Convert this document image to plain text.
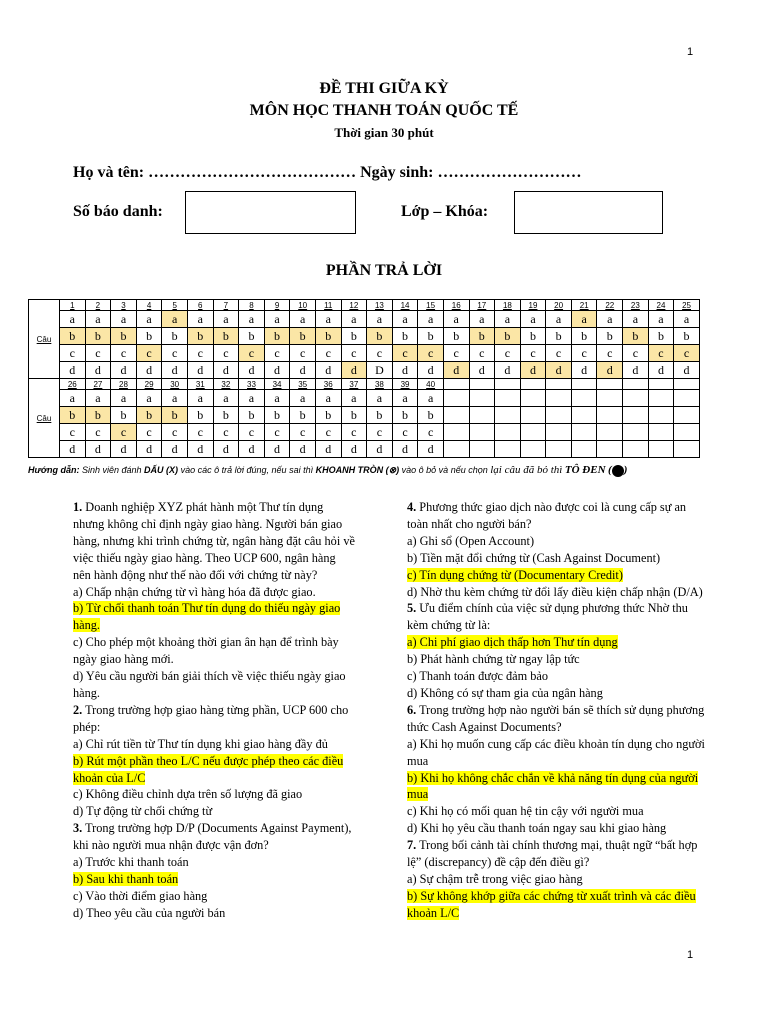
1
ĐỀ THI GIỮA KỲ
MÔN HỌC THANH TOÁN QUỐC TẾ
Thời gian 30 phút
Họ và tên: ………………………………… Ngày sinh: ………………………
Số báo danh:	Lớp – Khóa:
PHẦN TRẢ LỜI
Câu	1	2	3	4	5	6	7	8	9	10	11	12	13	14	15	16	17	18	19	20	21	22	23	24	25
	a	a	a	a	a	a	a	a	a	a	a	a	a	a	a	a	a	a	a	a	a	a	a	a	a
	b	b	b	b	b	b	b	b	b	b	b	b	b	b	b	b	b	b	b	b	b	b	b	b	b
	c	c	c	c	c	c	c	c	c	c	c	c	c	c	c	c	c	c	c	c	c	c	c	c	c
	d	d	d	d	d	d	d	d	d	d	d	d	D	d	d	d	d	d	d	d	d	d	d	d	d
Câu	26	27	28	29	30	31	32	33	34	35	36	37	38	39	40										
	a	a	a	a	a	a	a	a	a	a	a	a	a	a	a										
	b	b	b	b	b	b	b	b	b	b	b	b	b	b	b										
	c	c	c	c	c	c	c	c	c	c	c	c	c	c	c										
	d	d	d	d	d	d	d	d	d	d	d	d	d	d	d										
Hướng dẫn: Sinh viên đánh DẤU (X) vào các ô trả lời đúng, nếu sai thì KHOANH TRÒN (⊗) vào ô bỏ và nếu chọn lại câu đã bỏ thì TÔ ĐEN ( )

1. Doanh nghiệp XYZ phát hành một Thư tín dụng nhưng không chỉ định ngày giao hàng. Người bán giao hàng, nhưng khi trình chứng từ, ngân hàng đặt câu hỏi về việc thiếu ngày giao hàng. Theo UCP 600, ngân hàng nên hành động như thế nào đối với chứng từ này?

a) Chấp nhận chứng từ vì hàng hóa đã được giao.

b) Từ chối thanh toán Thư tín dụng do thiếu ngày giao hàng.

c) Cho phép một khoảng thời gian ân hạn để trình bày ngày giao hàng mới.

d) Yêu cầu người bán giải thích về việc thiếu ngày giao hàng.

2. Trong trường hợp giao hàng từng phần, UCP 600 cho phép:

a) Chỉ rút tiền từ Thư tín dụng khi giao hàng đầy đủ

b) Rút một phần theo L/C nếu được phép theo các điều khoản của L/C

c) Không điều chỉnh dựa trên số lượng đã giao

d) Tự động từ chối chứng từ

3. Trong trường hợp D/P (Documents Against Payment), khi nào người mua nhận được vận đơn?

a) Trước khi thanh toán

b) Sau khi thanh toán

c) Vào thời điểm giao hàng

d) Theo yêu cầu của người bán

4. Phương thức giao dịch nào được coi là cung cấp sự an toàn nhất cho người bán?

a) Ghi sổ (Open Account)

b) Tiền mặt đổi chứng từ (Cash Against Document)

c) Tín dụng chứng từ (Documentary Credit)

d) Nhờ thu kèm chứng từ đổi lấy điều kiện chấp nhận (D/A)

5. Ưu điểm chính của việc sử dụng phương thức Nhờ thu kèm chứng từ là:

a) Chi phí giao dịch thấp hơn Thư tín dụng

b) Phát hành chứng từ ngay lập tức

c) Thanh toán được đảm bảo

d) Không có sự tham gia của ngân hàng

6. Trong trường hợp nào người bán sẽ thích sử dụng phương thức Cash Against Documents?

a) Khi họ muốn cung cấp các điều khoản tín dụng cho người mua

b) Khi họ không chắc chắn về khả năng tín dụng của người mua

c) Khi họ có mối quan hệ tin cậy với người mua

d) Khi họ yêu cầu thanh toán ngay sau khi giao hàng

7. Trong bối cảnh tài chính thương mại, thuật ngữ “bất hợp lệ” (discrepancy) đề cập đến điều gì?

a) Sự chậm trễ trong việc giao hàng

b) Sự không khớp giữa các chứng từ xuất trình và các điều khoản L/C

1
